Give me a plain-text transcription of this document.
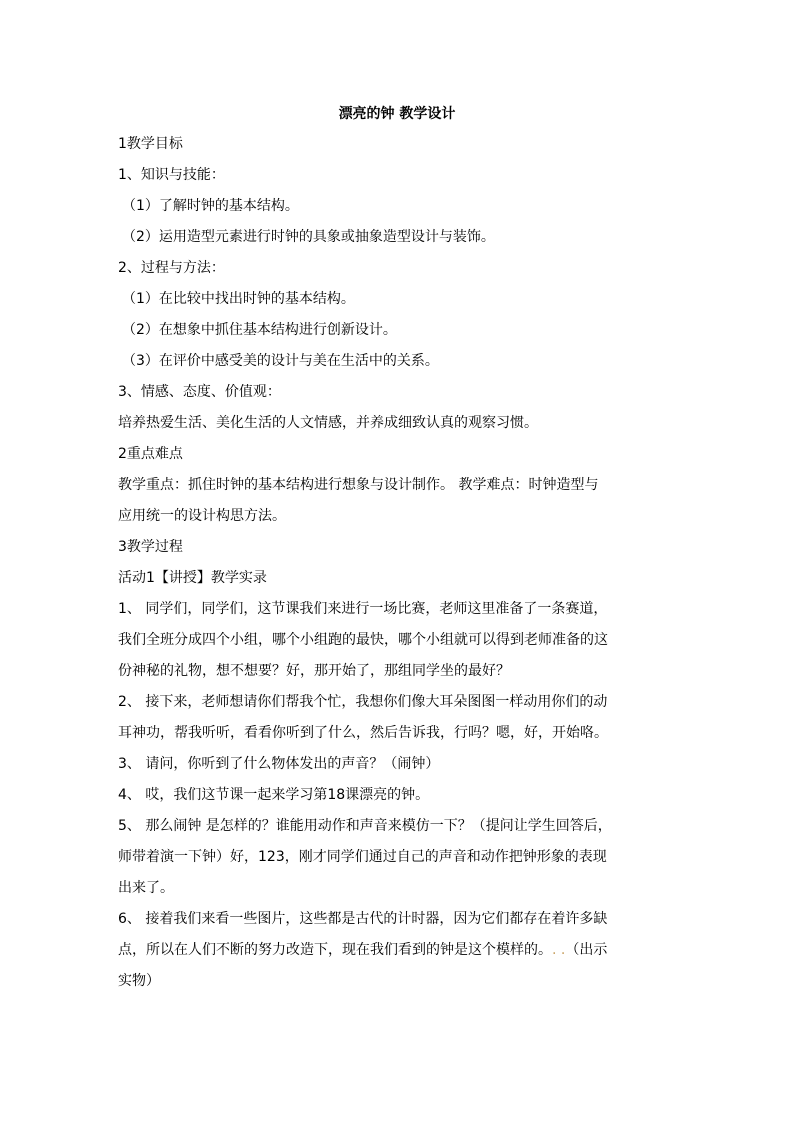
漂亮的钟 教学设计
1教学目标
1、知识与技能：
（1）了解时钟的基本结构。
（2）运用造型元素进行时钟的具象或抽象造型设计与装饰。
2、过程与方法：
（1）在比较中找出时钟的基本结构。
（2）在想象中抓住基本结构进行创新设计。
（3）在评价中感受美的设计与美在生活中的关系。
3、情感、态度、价值观：
培养热爱生活、美化生活的人文情感，并养成细致认真的观察习惯。
2重点难点
教学重点：抓住时钟的基本结构进行想象与设计制作。 教学难点：时钟造型与
应用统一的设计构思方法。
3教学过程
活动1【讲授】教学实录
1、 同学们，同学们，这节课我们来进行一场比赛，老师这里准备了一条赛道，
我们全班分成四个小组，哪个小组跑的最快，哪个小组就可以得到老师准备的这
份神秘的礼物，想不想要？好，那开始了，那组同学坐的最好？
2、 接下来，老师想请你们帮我个忙，我想你们像大耳朵图图一样动用你们的动
耳神功，帮我听听，看看你听到了什么，然后告诉我，行吗？嗯，好，开始咯。
3、 请问，你听到了什么物体发出的声音？（闹钟）
4、 哎，我们这节课一起来学习第18课漂亮的钟。
5、 那么闹钟 是怎样的？谁能用动作和声音来模仿一下？（提问让学生回答后，
师带着演一下钟）好，123，刚才同学们通过自己的声音和动作把钟形象的表现
出来了。
6、 接着我们来看一些图片，这些都是古代的计时器，因为它们都存在着许多缺
点，所以在人们不断的努力改造下，现在我们看到的钟是这个模样的。. .（出示
实物）
